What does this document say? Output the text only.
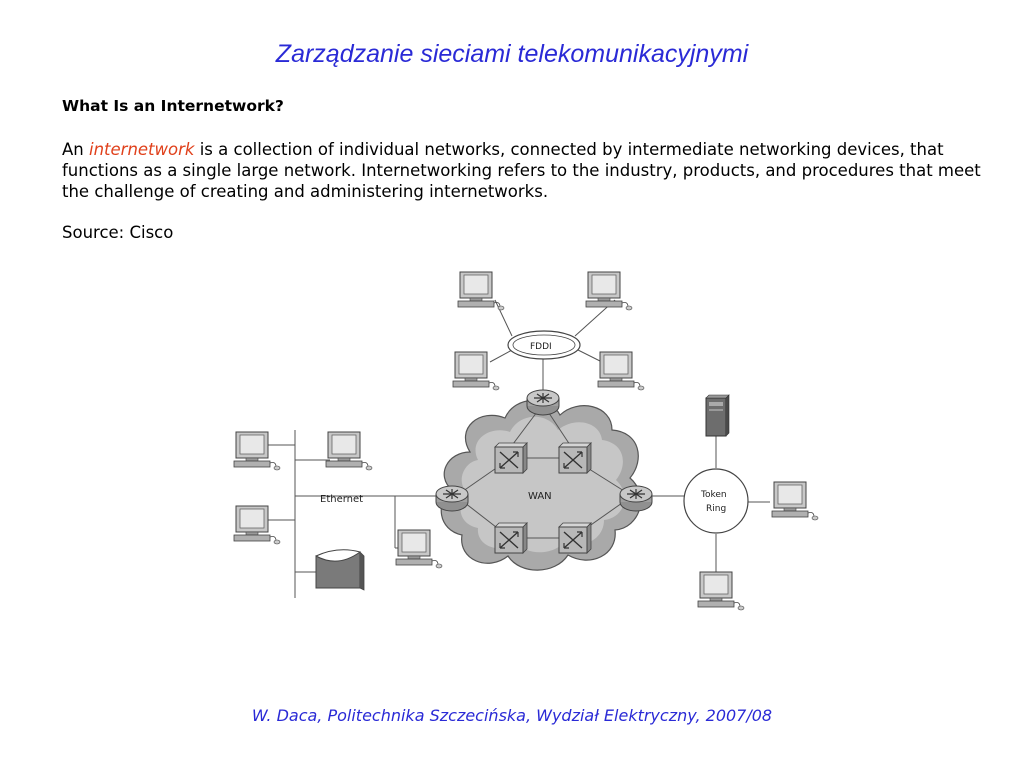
Zarządzanie sieciami telekomunikacyjnymi
What Is an Internetwork?
An internetwork is a collection of individual networks, connected by intermediate networking devices, that functions as a single large network. Internetworking refers to the industry, products, and procedures that meet the challenge of creating and administering internetworks.
Source: Cisco
WAN
FDDI
Ethernet	Token
Ring
W. Daca, Politechnika Szczecińska, Wydział Elektryczny, 2007/08
